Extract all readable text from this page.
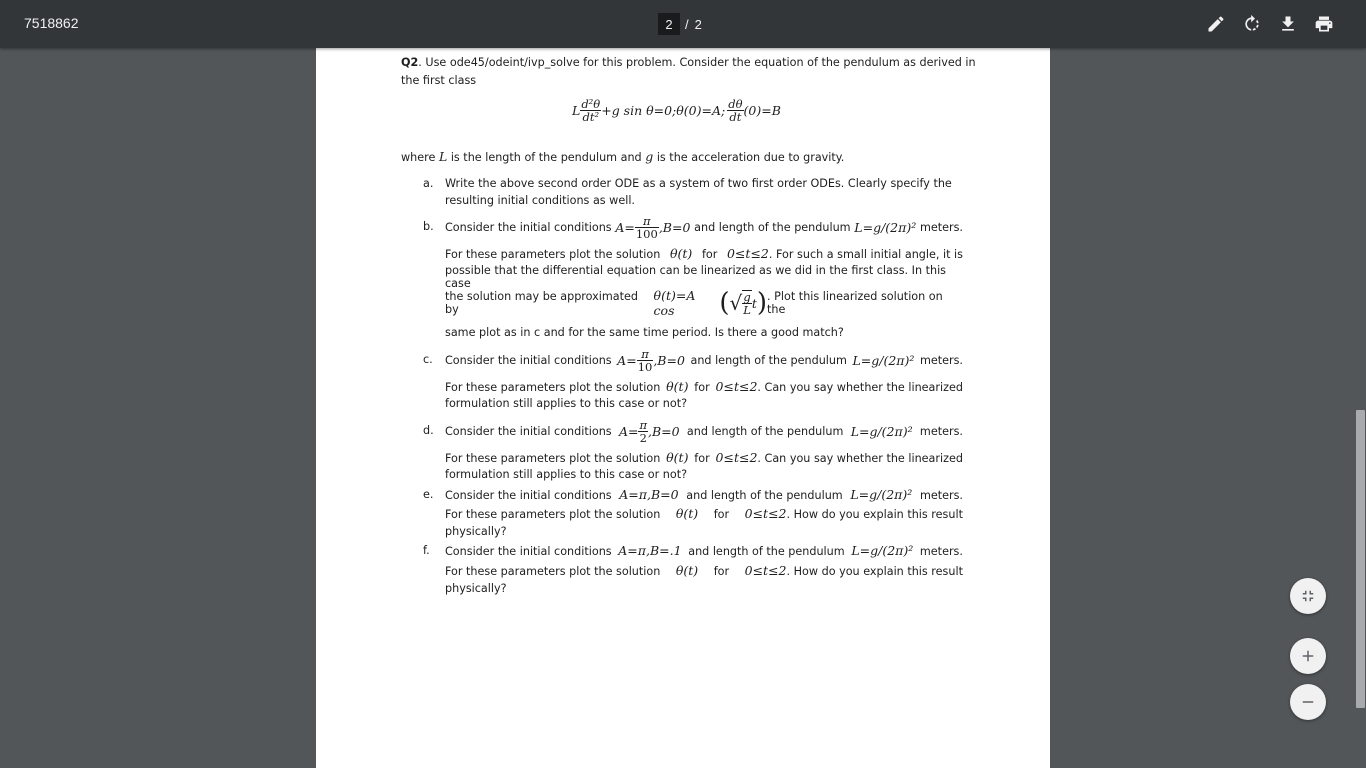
7518862	2 / 2
Q2. Use ode45/odeint/ivp_solve for this problem. Consider the equation of the pendulum as derived in
the first class
L $\frac{\text{d²θ}}{\text{dt²}} +g$ sin θ=0;θ(0)=A; $\frac{d\theta}{dt} (0)=B$
where L is the length of the pendulum and g is the acceleration due to gravity.
a. Write the above second order ODE as a system of two first order ODEs. Clearly specify the
resulting initial conditions as well.
b. Consider the initial conditions $A= \frac{\pi}{100} ,B=0$ and length of the pendulum L=g/(2π)² meters.
For these parameters plot the solution θ(t) for 0≤t≤2. For such a small initial angle, it is
possible that the differential equation can be linearized as we did in the first class. In this case
the solution may be approximated by
θ(t)=A cos	( √ $\frac{g}{L}$ t ) . Plot this linearized solution on the
same plot as in c and for the same time period. Is there a good match?
c. Consider the initial conditions $A= \frac{\pi}{10} ,B=0$ and length of the pendulum L=g/(2π)² meters.
For these parameters plot the solution θ(t) for 0≤t≤2. Can you say whether the linearized
formulation still applies to this case or not?
d. Consider the initial conditions $A= \frac{\pi}{2} ,B=0$ and length of the pendulum L=g/(2π)² meters.
For these parameters plot the solution θ(t) for 0≤t≤2. Can you say whether the linearized
formulation still applies to this case or not?
e. Consider the initial conditions A=π,B=0 and length of the pendulum L=g/(2π)² meters.
For these parameters plot the solution θ(t) for 0≤t≤2. How do you explain this result
physically?
f. Consider the initial conditions A=π,B=.1 and length of the pendulum L=g/(2π)² meters.
For these parameters plot the solution θ(t) for 0≤t≤2. How do you explain this result
physically?
